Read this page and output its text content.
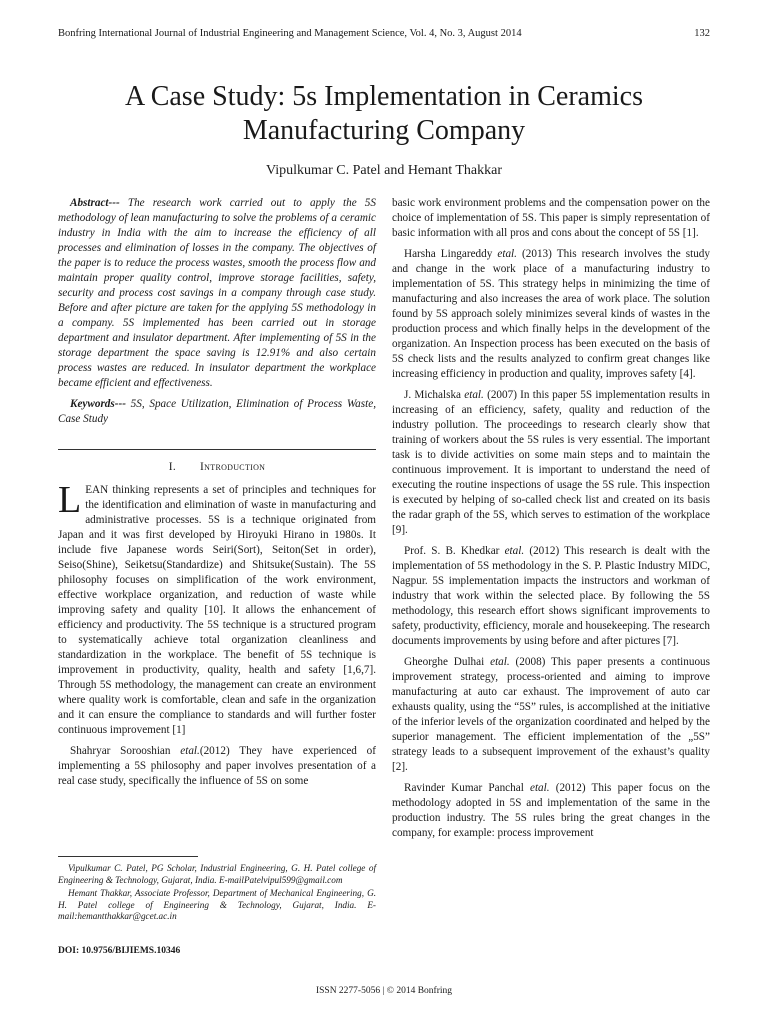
Bonfring International Journal of Industrial Engineering and Management Science, Vol. 4, No. 3, August 2014	132
A Case Study: 5s Implementation in Ceramics
Manufacturing Company
Vipulkumar C. Patel and Hemant Thakkar

Abstract--- The research work carried out to apply the 5S methodology of lean manufacturing to solve the problems of a ceramic industry in India with the aim to increase the efficiency of all processes and elimination of losses in the company. The objectives of the paper is to reduce the process wastes, smooth the process flow and maintain proper quality control, improve storage facilities, safety, security and process cost savings in a company through case study. Before and after picture are taken for the applying 5S methodology in a company. 5S implemented has been carried out in storage department and insulator department. After implementing of 5S in the storage department the space saving is 12.91% and also certain process wastes are reduced. In insulator department the workplace became efficient and effectiveness.

Keywords--- 5S, Space Utilization, Elimination of Process Waste, Case Study

I. Introduction

LEAN thinking represents a set of principles and techniques for the identification and elimination of waste in manufacturing and administrative processes. 5S is a technique originated from Japan and it was first developed by Hiroyuki Hirano in 1980s. It include five Japanese words Seiri(Sort), Seiton(Set in order), Seiso(Shine), Seiketsu(Standardize) and Shitsuke(Sustain). The 5S philosophy focuses on simplification of the work environment, effective workplace organization, and reduction of waste while improving safety and quality [10]. It allows the enhancement of efficiency and productivity. The 5S technique is a structured program to systematically achieve total organization cleanliness and standardization in the workplace. The benefit of 5S technique is improvement in productivity, quality, health and safety [1,6,7]. Through 5S methodology, the management can create an environment where quality work is comfortable, clean and safe in the organization and it can ensure the compliance to standards and will further foster continuous improvement [1]

Shahryar Sorooshian etal.(2012) They have experienced of implementing a 5S philosophy and paper involves presentation of a real case study, specifically the influence of 5S on some

Vipulkumar C. Patel, PG Scholar, Industrial Engineering, G. H. Patel college of Engineering & Technology, Gujarat, India. E-mailPatelvipul599@gmail.com

Hemant Thakkar, Associate Professor, Department of Mechanical Engineering, G. H. Patel college of Engineering & Technology, Gujarat, India. E-mail:hemantthakkar@gcet.ac.in

DOI: 10.9756/BIJIEMS.10346

basic work environment problems and the compensation power on the choice of implementation of 5S. This paper is simply representation of basic information with all pros and cons about the concept of 5S [1].

Harsha Lingareddy etal. (2013) This research involves the study and change in the work place of a manufacturing industry to implementation of 5S. This strategy helps in minimizing the time of manufacturing and also increases the area of work place. The solution found by 5S approach solely minimizes several kinds of wastes in the production process and which finally helps in the development of the organization. An Inspection process has been executed on the basis of 5S check lists and the results analyzed to confirm great changes like increasing efficiency in production and quality, improves safety [4].

J. Michalska etal. (2007) In this paper 5S implementation results in increasing of an efficiency, safety, quality and reduction of the industry pollution. The proceedings to research clearly show that training of workers about the 5S rules is very essential. The important task is to divide activities on some main steps and to maintain the continuous improvement. It is important to understand the need of executing the routine inspections of usage the 5S rule. This inspection is executed by helping of so-called check list and created on its basis the radar graph of the 5S, which serves to estimation of the workplace [9].

Prof. S. B. Khedkar etal. (2012) This research is dealt with the implementation of 5S methodology in the S. P. Plastic Industry MIDC, Nagpur. 5S implementation impacts the instructors and workman of industry that work within the selected place. By following the 5S methodology, this research effort shows significant improvements to safety, productivity, efficiency, morale and housekeeping. The research documents improvements by using before and after pictures [7].

Gheorghe Dulhai etal. (2008) This paper presents a continuous improvement strategy, process-oriented and aiming to improve manufacturing at auto car exhaust. The improvement of auto car exhausts quality, using the “5S” rules, is accomplished at the initiative of the inferior levels of the organization coordinated and helped by the superior management. The efficient implementation of the „5S” strategy leads to a subsequent improvement of the exhaust’s quality [2].

Ravinder Kumar Panchal etal. (2012) This paper focus on the methodology adopted in 5S and implementation of the same in the production industry. The 5S rules bring the great changes in the company, for example: process improvement

ISSN 2277-5056 | © 2014 Bonfring
